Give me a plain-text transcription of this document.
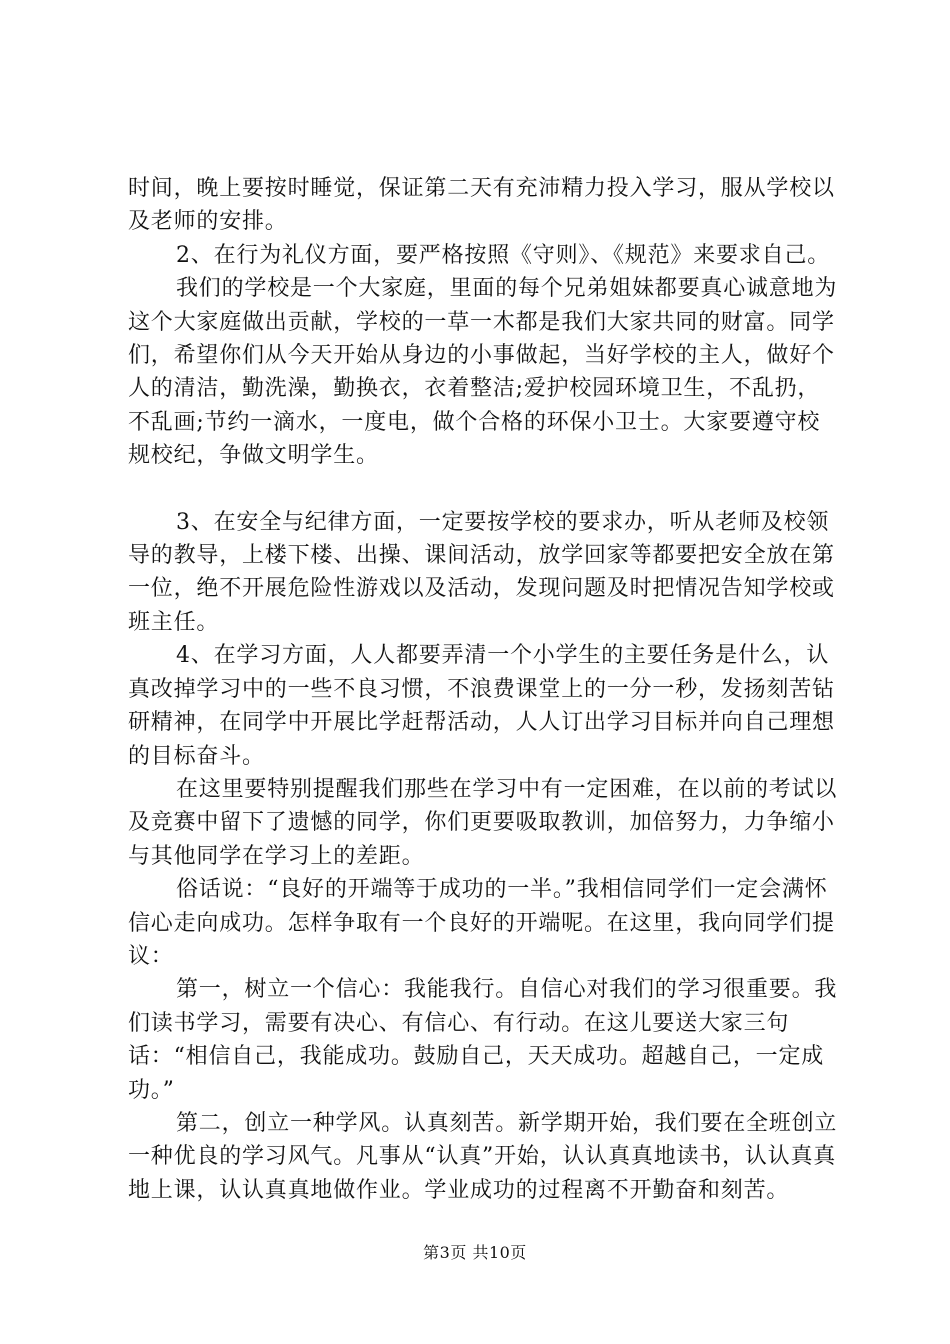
时间，晚上要按时睡觉，保证第二天有充沛精力投入学习，服从学校以及老师的安排。

2、在行为礼仪方面，要严格按照《守则》、《规范》来要求自己。

我们的学校是一个大家庭，里面的每个兄弟姐妹都要真心诚意地为这个大家庭做出贡献，学校的一草一木都是我们大家共同的财富。同学们，希望你们从今天开始从身边的小事做起，当好学校的主人，做好个人的清洁，勤洗澡，勤换衣，衣着整洁;爱护校园环境卫生，不乱扔，不乱画;节约一滴水，一度电，做个合格的环保小卫士。大家要遵守校规校纪，争做文明学生。

3、在安全与纪律方面，一定要按学校的要求办，听从老师及校领导的教导，上楼下楼、出操、课间活动，放学回家等都要把安全放在第一位，绝不开展危险性游戏以及活动，发现问题及时把情况告知学校或班主任。

4、在学习方面，人人都要弄清一个小学生的主要任务是什么，认真改掉学习中的一些不良习惯，不浪费课堂上的一分一秒，发扬刻苦钻研精神，在同学中开展比学赶帮活动，人人订出学习目标并向自己理想的目标奋斗。

在这里要特别提醒我们那些在学习中有一定困难，在以前的考试以及竞赛中留下了遗憾的同学，你们更要吸取教训，加倍努力，力争缩小与其他同学在学习上的差距。

俗话说：“良好的开端等于成功的一半。”我相信同学们一定会满怀信心走向成功。怎样争取有一个良好的开端呢。在这里，我向同学们提议：

第一，树立一个信心：我能我行。自信心对我们的学习很重要。我们读书学习，需要有决心、有信心、有行动。在这儿要送大家三句话：“相信自己，我能成功。鼓励自己，天天成功。超越自己，一定成功。”

第二，创立一种学风。认真刻苦。新学期开始，我们要在全班创立一种优良的学习风气。凡事从“认真”开始，认认真真地读书，认认真真地上课，认认真真地做作业。学业成功的过程离不开勤奋和刻苦。

第3页 共10页
